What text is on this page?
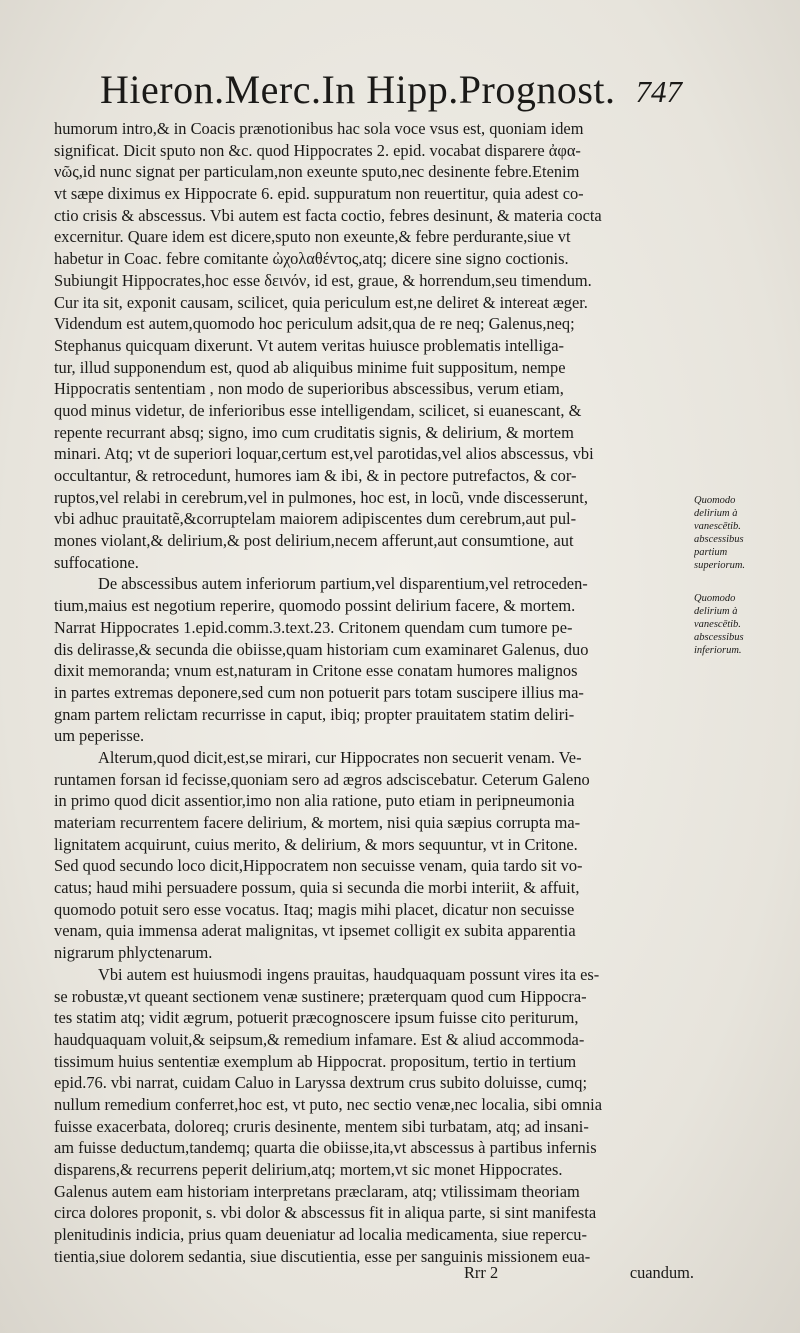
Hieron.Merc.In Hipp.Prognost. 747
humorum intro,& in Coacis prænotionibus hac sola voce vsus est, quoniam idem
significat. Dicit sputo non &c. quod Hippocrates 2. epid. vocabat disparere ἀφα-
νῶς,id nunc signat per particulam,non exeunte sputo,nec desinente febre.Etenim
vt sæpe diximus ex Hippocrate 6. epid. suppuratum non reuertitur, quia adest co-
ctio crisis & abscessus. Vbi autem est facta coctio, febres desinunt, & materia cocta
excernitur. Quare idem est dicere,sputo non exeunte,& febre perdurante,siue vt
habetur in Coac. febre comitante ὠχολαθέντος,atq; dicere sine signo coctionis.
Subiungit Hippocrates,hoc esse δεινόν, id est, graue, & horrendum,seu timendum.
Cur ita sit, exponit causam, scilicet, quia periculum est,ne deliret & intereat æger.
Videndum est autem,quomodo hoc periculum adsit,qua de re neq; Galenus,neq;
Stephanus quicquam dixerunt. Vt autem veritas huiusce problematis intelliga-
tur, illud supponendum est, quod ab aliquibus minime fuit suppositum, nempe
Hippocratis sententiam , non modo de superioribus abscessibus, verum etiam,
quod minus videtur, de inferioribus esse intelligendam, scilicet, si euanescant, &
repente recurrant absq; signo, imo cum cruditatis signis, & delirium, & mortem
minari. Atq; vt de superiori loquar,certum est,vel parotidas,vel alios abscessus, vbi
occultantur, & retrocedunt, humores iam & ibi, & in pectore putrefactos, & cor-
ruptos,vel relabi in cerebrum,vel in pulmones, hoc est, in locũ, vnde discesserunt,
vbi adhuc prauitatẽ,&corruptelam maiorem adipiscentes dum cerebrum,aut pul-
mones violant,& delirium,& post delirium,necem afferunt,aut consumtione, aut
suffocatione.
De abscessibus autem inferiorum partium,vel disparentium,vel retroceden-
tium,maius est negotium reperire, quomodo possint delirium facere, & mortem.
Narrat Hippocrates 1.epid.comm.3.text.23. Critonem quendam cum tumore pe-
dis delirasse,& secunda die obiisse,quam historiam cum examinaret Galenus, duo
dixit memoranda; vnum est,naturam in Critone esse conatam humores malignos
in partes extremas deponere,sed cum non potuerit pars totam suscipere illius ma-
gnam partem relictam recurrisse in caput, ibiq; propter prauitatem statim deliri-
um peperisse.
Alterum,quod dicit,est,se mirari, cur Hippocrates non secuerit venam. Ve-
runtamen forsan id fecisse,quoniam sero ad ægros adsciscebatur. Ceterum Galeno
in primo quod dicit assentior,imo non alia ratione, puto etiam in peripneumonia
materiam recurrentem facere delirium, & mortem, nisi quia sæpius corrupta ma-
lignitatem acquirunt, cuius merito, & delirium, & mors sequuntur, vt in Critone.
Sed quod secundo loco dicit,Hippocratem non secuisse venam, quia tardo sit vo-
catus; haud mihi persuadere possum, quia si secunda die morbi interiit, & affuit,
quomodo potuit sero esse vocatus. Itaq; magis mihi placet, dicatur non secuisse
venam, quia immensa aderat malignitas, vt ipsemet colligit ex subita apparentia
nigrarum phlyctenarum.
Vbi autem est huiusmodi ingens prauitas, haudquaquam possunt vires ita es-
se robustæ,vt queant sectionem venæ sustinere; præterquam quod cum Hippocra-
tes statim atq; vidit ægrum, potuerit præcognoscere ipsum fuisse cito periturum,
haudquaquam voluit,& seipsum,& remedium infamare. Est & aliud accommoda-
tissimum huius sententiæ exemplum ab Hippocrat. propositum, tertio in tertium
epid.76. vbi narrat, cuidam Caluo in Laryssa dextrum crus subito doluisse, cumq;
nullum remedium conferret,hoc est, vt puto, nec sectio venæ,nec localia, sibi omnia
fuisse exacerbata, doloreq; cruris desinente, mentem sibi turbatam, atq; ad insani-
am fuisse deductum,tandemq; quarta die obiisse,ita,vt abscessus à partibus infernis
disparens,& recurrens peperit delirium,atq; mortem,vt sic monet Hippocrates.
Galenus autem eam historiam interpretans præclaram, atq; vtilissimam theoriam
circa dolores proponit, s. vbi dolor & abscessus fit in aliqua parte, si sint manifesta
plenitudinis indicia, prius quam deueniatur ad localia medicamenta, siue repercu-
tientia,siue dolorem sedantia, siue discutientia, esse per sanguinis missionem eua-
Quomodo
delirium à
vanescētib.
abscessibus
partium
superiorum.
Quomodo
delirium à
vanescētib.
abscessibus
inferiorum.
Rrr 2	cuandum.
